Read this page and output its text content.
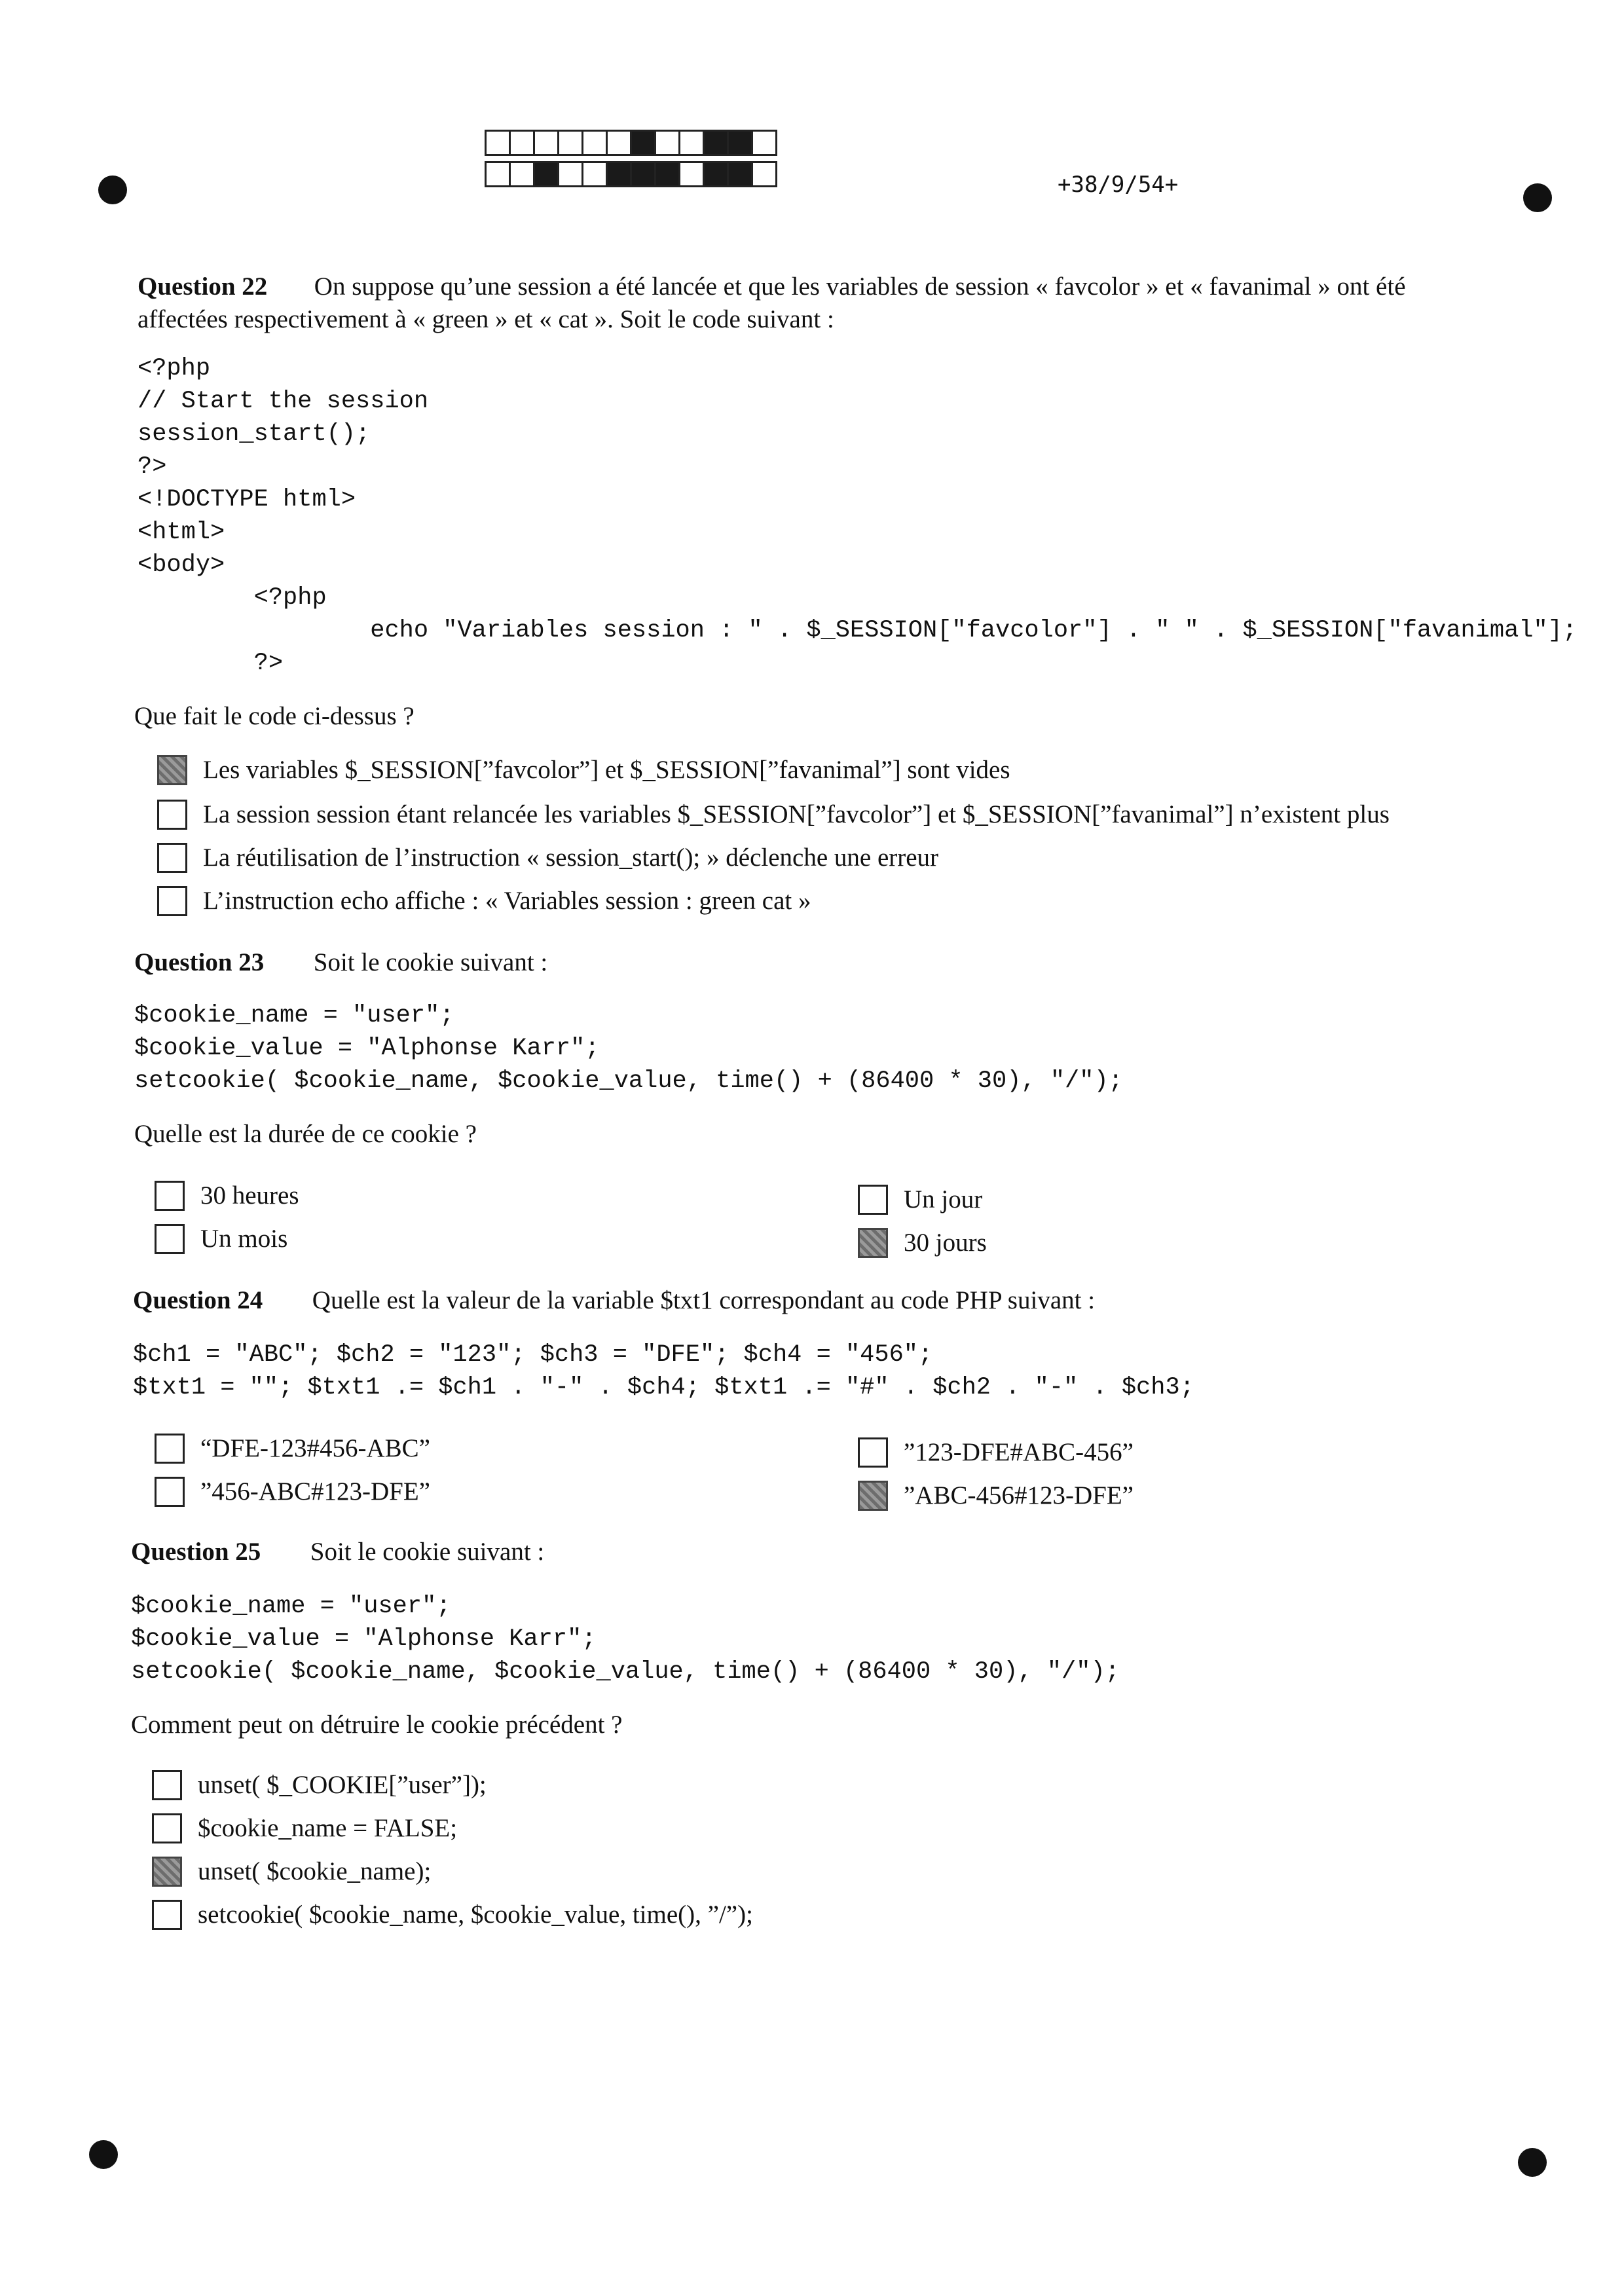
+38/9/54+
Question 22 On suppose qu’une session a été lancée et que les variables de session « favcolor » et « favanimal » ont été
affectées respectivement à « green » et « cat ». Soit le code suivant :
<?php
// Start the session
session_start();
?>
<!DOCTYPE html>
<html>
<body>
<?php
echo "Variables session : " . $_SESSION["favcolor"] . " " . $_SESSION["favanimal"];
?>
Que fait le code ci-dessus ?
Les variables $_SESSION[”favcolor”] et $_SESSION[”favanimal”] sont vides
La session session étant relancée les variables $_SESSION[”favcolor”] et $_SESSION[”favanimal”] n’existent plus
La réutilisation de l’instruction « session_start(); » déclenche une erreur
L’instruction echo affiche : « Variables session : green cat »
Question 23 Soit le cookie suivant :
$cookie_name = "user";
$cookie_value = "Alphonse Karr";
setcookie( $cookie_name, $cookie_value, time() + (86400 * 30), "/");
Quelle est la durée de ce cookie ?
30 heures
Un mois
Un jour
30 jours
Question 24 Quelle est la valeur de la variable $txt1 correspondant au code PHP suivant :
$ch1 = "ABC"; $ch2 = "123"; $ch3 = "DFE"; $ch4 = "456";
$txt1 = ""; $txt1 .= $ch1 . "-" . $ch4; $txt1 .= "#" . $ch2 . "-" . $ch3;
“DFE-123#456-ABC”
”456-ABC#123-DFE”
”123-DFE#ABC-456”
”ABC-456#123-DFE”
Question 25 Soit le cookie suivant :
$cookie_name = "user";
$cookie_value = "Alphonse Karr";
setcookie( $cookie_name, $cookie_value, time() + (86400 * 30), "/");
Comment peut on détruire le cookie précédent ?
unset( $_COOKIE[”user”]);
$cookie_name = FALSE;
unset( $cookie_name);
setcookie( $cookie_name, $cookie_value, time(), ”/”);
